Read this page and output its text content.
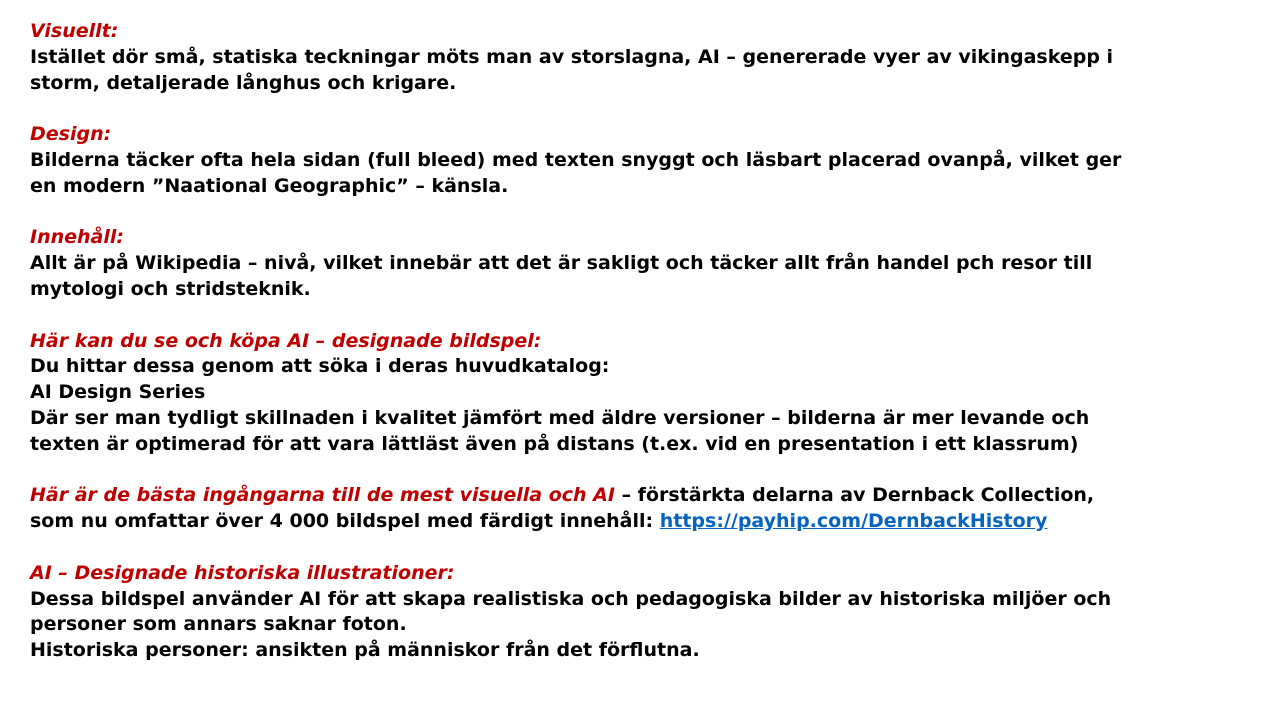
Visuellt:
Istället dör små, statiska teckningar möts man av storslagna, AI – genererade vyer av vikingaskepp i
storm, detaljerade långhus och krigare.
Design:
Bilderna täcker ofta hela sidan (full bleed) med texten snyggt och läsbart placerad ovanpå, vilket ger
en modern ”Naational Geographic” – känsla.
Innehåll:
Allt är på Wikipedia – nivå, vilket innebär att det är sakligt och täcker allt från handel pch resor till
mytologi och stridsteknik.
Här kan du se och köpa AI – designade bildspel:
Du hittar dessa genom att söka i deras huvudkatalog:
AI Design Series
Där ser man tydligt skillnaden i kvalitet jämfört med äldre versioner – bilderna är mer levande och
texten är optimerad för att vara lättläst även på distans (t.ex. vid en presentation i ett klassrum)
Här är de bästa ingångarna till de mest visuella och AI – förstärkta delarna av Dernback Collection,
som nu omfattar över 4 000 bildspel med färdigt innehåll: https://payhip.com/DernbackHistory
AI – Designade historiska illustrationer:
Dessa bildspel använder AI för att skapa realistiska och pedagogiska bilder av historiska miljöer och
personer som annars saknar foton.
Historiska personer: ansikten på människor från det förflutna.
